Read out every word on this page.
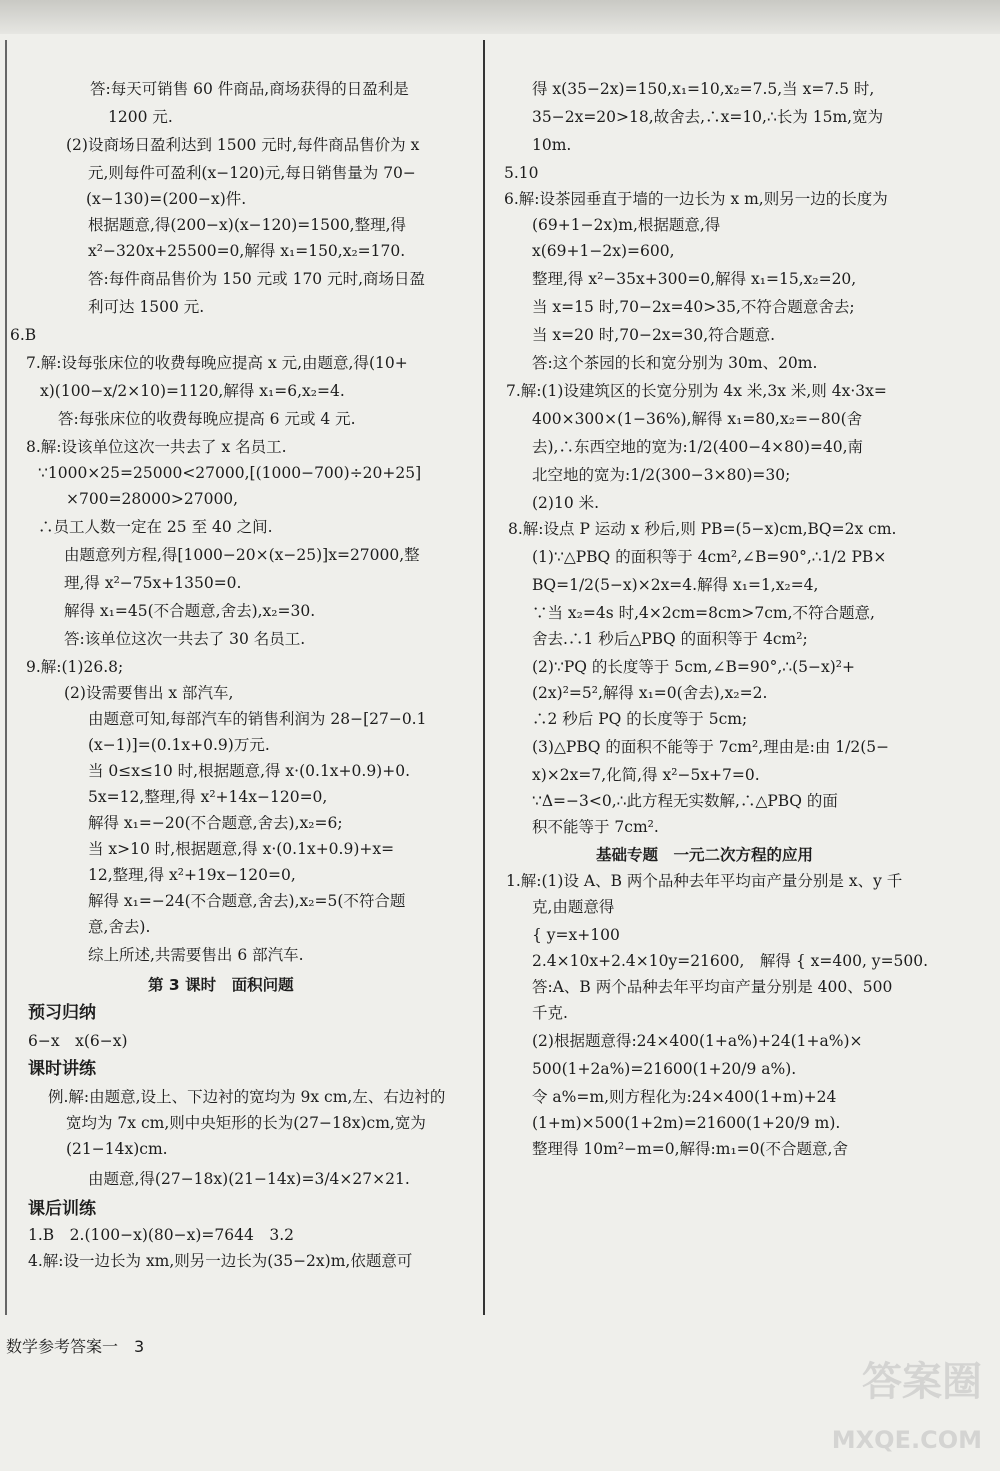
答:每天可销售 60 件商品,商场获得的日盈利是
1200 元.
(2)设商场日盈利达到 1500 元时,每件商品售价为 x
元,则每件可盈利(x−120)元,每日销售量为 70−
(x−130)=(200−x)件.
根据题意,得(200−x)(x−120)=1500,整理,得
x²−320x+25500=0,解得 x₁=150,x₂=170.
答:每件商品售价为 150 元或 170 元时,商场日盈
利可达 1500 元.
6.B
7.解:设每张床位的收费每晚应提高 x 元,由题意,得(10+
x)(100−x/2×10)=1120,解得 x₁=6,x₂=4.
答:每张床位的收费每晚应提高 6 元或 4 元.
8.解:设该单位这次一共去了 x 名员工.
∵1000×25=25000<27000,[(1000−700)÷20+25]
×700=28000>27000,
∴员工人数一定在 25 至 40 之间.
由题意列方程,得[1000−20×(x−25)]x=27000,整
理,得 x²−75x+1350=0.
解得 x₁=45(不合题意,舍去),x₂=30.
答:该单位这次一共去了 30 名员工.
9.解:(1)26.8;
(2)设需要售出 x 部汽车,
由题意可知,每部汽车的销售利润为 28−[27−0.1
(x−1)]=(0.1x+0.9)万元.
当 0≤x≤10 时,根据题意,得 x·(0.1x+0.9)+0.
5x=12,整理,得 x²+14x−120=0,
解得 x₁=−20(不合题意,舍去),x₂=6;
当 x>10 时,根据题意,得 x·(0.1x+0.9)+x=
12,整理,得 x²+19x−120=0,
解得 x₁=−24(不合题意,舍去),x₂=5(不符合题
意,舍去).
综上所述,共需要售出 6 部汽车.
第 3 课时　面积问题
预习归纳
6−x　x(6−x)
课时讲练
例.解:由题意,设上、下边衬的宽均为 9x cm,左、右边衬的
宽均为 7x cm,则中央矩形的长为(27−18x)cm,宽为
(21−14x)cm.
由题意,得(27−18x)(21−14x)=3/4×27×21.
课后训练
1.B　2.(100−x)(80−x)=7644　3.2
4.解:设一边长为 xm,则另一边长为(35−2x)m,依题意可
得 x(35−2x)=150,x₁=10,x₂=7.5,当 x=7.5 时,
35−2x=20>18,故舍去,∴x=10,∴长为 15m,宽为
10m.
5.10
6.解:设茶园垂直于墙的一边长为 x m,则另一边的长度为
(69+1−2x)m,根据题意,得
x(69+1−2x)=600,
整理,得 x²−35x+300=0,解得 x₁=15,x₂=20,
当 x=15 时,70−2x=40>35,不符合题意舍去;
当 x=20 时,70−2x=30,符合题意.
答:这个茶园的长和宽分别为 30m、20m.
7.解:(1)设建筑区的长宽分别为 4x 米,3x 米,则 4x·3x=
400×300×(1−36%),解得 x₁=80,x₂=−80(舍
去),∴东西空地的宽为:1/2(400−4×80)=40,南
北空地的宽为:1/2(300−3×80)=30;
(2)10 米.
8.解:设点 P 运动 x 秒后,则 PB=(5−x)cm,BQ=2x cm.
(1)∵△PBQ 的面积等于 4cm²,∠B=90°,∴1/2 PB×
BQ=1/2(5−x)×2x=4.解得 x₁=1,x₂=4,
∵当 x₂=4s 时,4×2cm=8cm>7cm,不符合题意,
舍去.∴1 秒后△PBQ 的面积等于 4cm²;
(2)∵PQ 的长度等于 5cm,∠B=90°,∴(5−x)²+
(2x)²=5²,解得 x₁=0(舍去),x₂=2.
∴2 秒后 PQ 的长度等于 5cm;
(3)△PBQ 的面积不能等于 7cm²,理由是:由 1/2(5−
x)×2x=7,化简,得 x²−5x+7=0.
∵Δ=−3<0,∴此方程无实数解,∴△PBQ 的面
积不能等于 7cm².
基础专题　一元二次方程的应用
1.解:(1)设 A、B 两个品种去年平均亩产量分别是 x、y 千
克,由题意得
{ y=x+100
2.4×10x+2.4×10y=21600,　解得 { x=400, y=500.
答:A、B 两个品种去年平均亩产量分别是 400、500
千克.
(2)根据题意得:24×400(1+a%)+24(1+a%)×
500(1+2a%)=21600(1+20/9 a%).
令 a%=m,则方程化为:24×400(1+m)+24
(1+m)×500(1+2m)=21600(1+20/9 m).
整理得 10m²−m=0,解得:m₁=0(不合题意,舍
数学参考答案一　3
答案圈
MXQE.COM
